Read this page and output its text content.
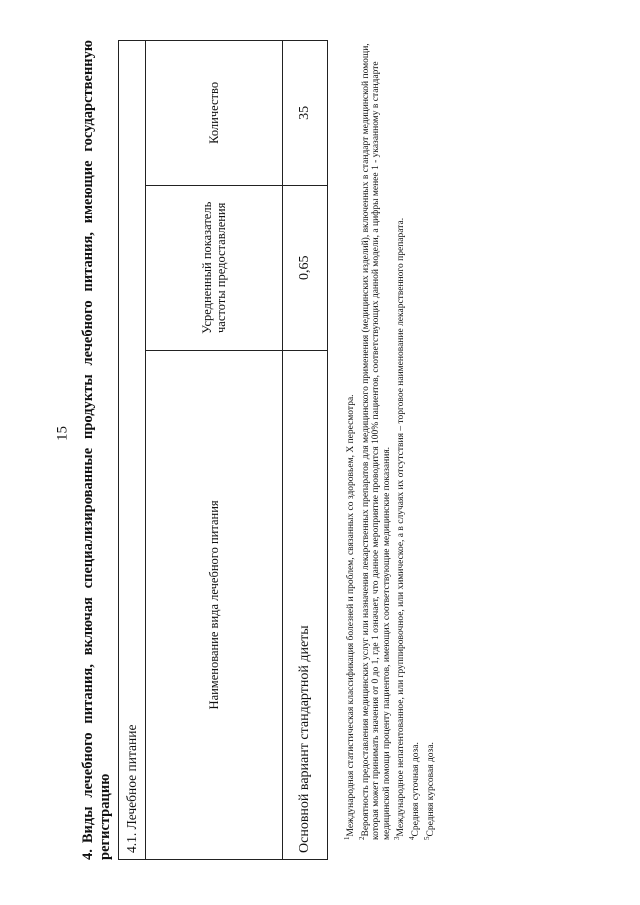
15
4.Виды лечебного питания, включая специализированные продукты лечебного питания, имеющие государственную регистрацию 4.1. Лечебное питание		
Наименование вида лечебного питания	Усредненный показатель частоты предоставления	Количество
Основной вариант стандартной диеты	0,65	35

$^1$Международная статистическая классификация болезней и проблем, связанных со здоровьем, X пересмотра.

$^2$Вероятность предоставления медицинских услуг или назначения лекарственных препаратов для медицинского применения (медицинских изделий), включенных в стандарт медицинской помощи, которая может принимать значения от 0 до 1, где 1 означает, что данное мероприятие проводится 100% пациентов, соответствующих данной модели, а цифры менее 1 - указанному в стандарте медицинской помощи проценту пациентов, имеющих соответствующие медицинские показания. $^3$Международное непатентованное, или группировочное, или химическое, а в случаях их отсутствия – торговое наименование лекарственного препарата.

$^4$Средняя суточная доза.

$^5$Средняя курсовая доза.
